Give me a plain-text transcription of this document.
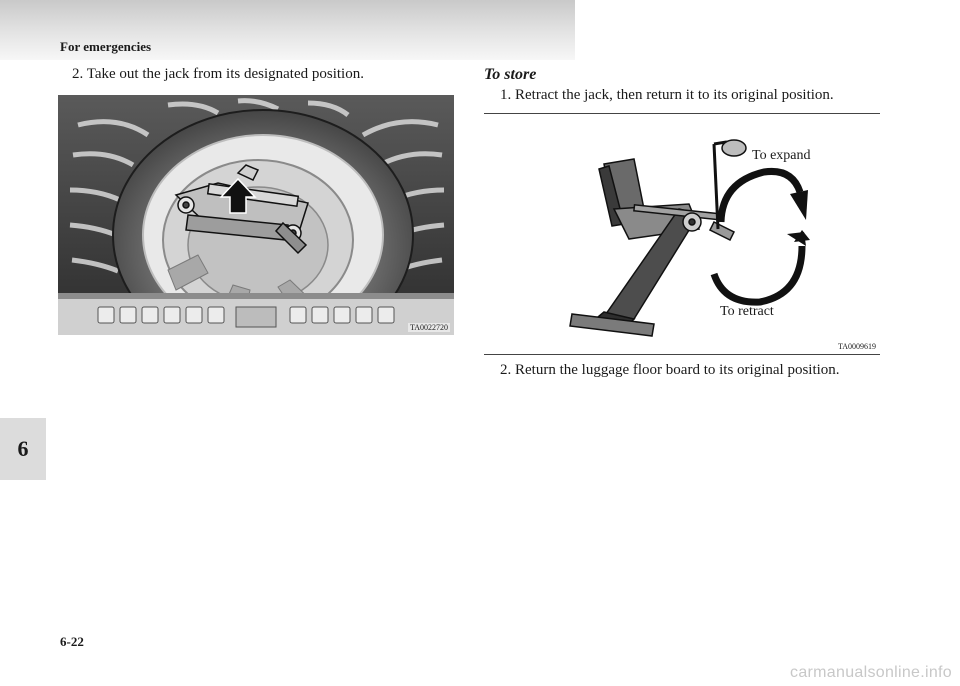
For emergencies
6
2. Take out the jack from its designated position.
TA0022720
To store
1. Retract the jack, then return it to its original position.
To expand
To retract
TA0009619
2. Return the luggage floor board to its original position.
6-22
carmanualsonline.info
